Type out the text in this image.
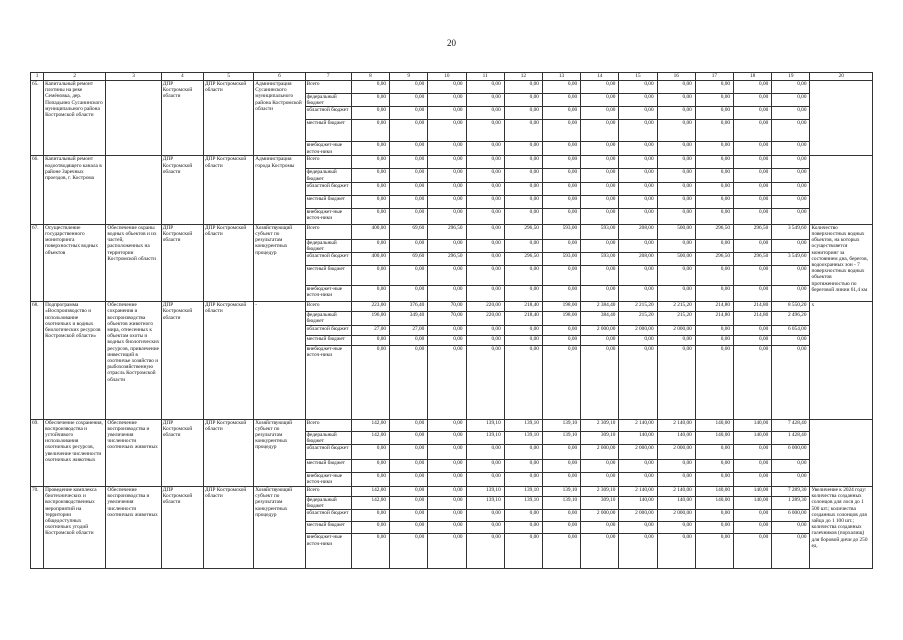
20
1	2	3	4	5	6	7	8	9	10	11	12	13	14	15	16	17	18	19	20
65.	Капитальный ремонт плотины на реке Семёновка, дер. Попадьино Сусанинского муниципального района Костромской области		ДПР Костромской области	ДПР Костромской области	Администрация Сусанинского муниципального района Костромской области	Всего	0,00	0,00	0,00	0,00	0,00	0,00	0,00	0,00	0,00	0,00	0,00	0,00	
						федеральный бюджет	0,00	0,00	0,00	0,00	0,00	0,00	0,00	0,00	0,00	0,00	0,00	0,00	
						областной бюджет	0,00	0,00	0,00	0,00	0,00	0,00	0,00	0,00	0,00	0,00	0,00	0,00	
						местный бюджет	0,00	0,00	0,00	0,00	0,00	0,00	0,00	0,00	0,00	0,00	0,00	0,00	
						внебюджет-ные источ-ники	0,00	0,00	0,00	0,00	0,00	0,00	0,00	0,00	0,00	0,00	0,00	0,00	
66.	Капитальный ремонт водоотводящего канала в районе Заречных проездов, г. Кострома		ДПР Костромской области	ДПР Костромской области	Администрация города Костромы	Всего	0,00	0,00	0,00	0,00	0,00	0,00	0,00	0,00	0,00	0,00	0,00	0,00	
						федеральный бюджет	0,00	0,00	0,00	0,00	0,00	0,00	0,00	0,00	0,00	0,00	0,00	0,00	
						областной бюджет	0,00	0,00	0,00	0,00	0,00	0,00	0,00	0,00	0,00	0,00	0,00	0,00	
						местный бюджет	0,00	0,00	0,00	0,00	0,00	0,00	0,00	0,00	0,00	0,00	0,00	0,00	
						внебюджет-ные источ-ники	0,00	0,00	0,00	0,00	0,00	0,00	0,00	0,00	0,00	0,00	0,00	0,00	
67.	Осуществление государственного мониторинга поверхностных водных объектов	Обеспечение охраны водных объектов и их частей, расположенных на территории Костромской области	ДПР Костромской области	ДПР Костромской области	Хозяйствующий субъект по результатам конкурентных процедур	Всего	400,00	69,60	296,50	0,00	296,50	593,00	593,00	208,00	500,00	296,50	296,50	3 549,60	Количество поверхностных водных объектов, на которых осуществляется мониторинг за состоянием дна, берегов, водоохранных зон - 7 поверхностных водных объектов протяженностью по береговой линии 61,4 км
						федеральный бюджет	0,00	0,00	0,00	0,00	0,00	0,00	0,00	0,00	0,00	0,00	0,00	0,00	
						областной бюджет	400,00	69,60	296,50	0,00	296,50	593,00	593,00	208,00	500,00	296,50	296,50	3 549,60	
						местный бюджет	0,00	0,00	0,00	0,00	0,00	0,00	0,00	0,00	0,00	0,00	0,00	0,00	
						внебюджет-ные источ-ники	0,00	0,00	0,00	0,00	0,00	0,00	0,00	0,00	0,00	0,00	0,00	0,00	
68.	Подпрограмма «Воспроизводство и использование охотничьих и водных биологических ресурсов Костромской области»	Обеспечение сохранения и воспроизводства объектов животного мира, отнесенных к объектам охоты и водных биологических ресурсов, привлечение инвестиций в охотничье хозяйство и рыбохозяйственную отрасль Костромской области	ДПР Костромской области	ДПР Костромской области	-	Всего	223,00	376,40	70,00	220,00	218,40	198,00	2 384,40	2 215,20	2 215,20	214,80	214,80	8 550,20	х
						федеральный бюджет	196,00	349,40	70,00	220,00	218,40	198,00	384,40	215,20	215,20	214,80	214,80	2 496,20	
						областной бюджет	27,00	27,00	0,00	0,00	0,00	0,00	2 000,00	2 000,00	2 000,00	0,00	0,00	6 054,00	
						местный бюджет	0,00	0,00	0,00	0,00	0,00	0,00	0,00	0,00	0,00	0,00	0,00	0,00	
						внебюджет-ные источ-ники	0,00	0,00	0,00	0,00	0,00	0,00	0,00	0,00	0,00	0,00	0,00	0,00	
69.	Обеспечение сохранения, воспроизводства и устойчивого использования охотничьих ресурсов, увеличение численности охотничьих животных	Обеспечение воспроизводства и увеличения численности охотничьих животных	ДПР Костромской области	ДПР Костромской области	Хозяйствующий субъект по результатам конкурентных процедур	Всего	142,00	0,00	0,00	139,10	139,10	139,10	2 309,10	2 140,00	2 140,00	140,00	140,00	7 428,40	
						федеральный бюджет	142,00	0,00	0,00	139,10	139,10	139,10	309,10	140,00	140,00	140,00	140,00	1 428,40	
						областной бюджет	0,00	0,00	0,00	0,00	0,00	0,00	2 000,00	2 000,00	2 000,00	0,00	0,00	6 000,00	
						местный бюджет	0,00	0,00	0,00	0,00	0,00	0,00	0,00	0,00	0,00	0,00	0,00	0,00	
						внебюджет-ные источ-ники	0,00	0,00	0,00	0,00	0,00	0,00	0,00	0,00	0,00	0,00	0,00	0,00	
70.	Проведение комплекса биотехнических и воспроизводственных мероприятий на территории общедоступных охотничьих угодий Костромской области	Обеспечение воспроизводства и увеличения численности охотничьих животных	ДПР Костромской области	ДПР Костромской области	Хозяйствующий субъект по результатам конкурентных процедур	Всего	142,00	0,00	0,00	139,10	139,10	139,10	2 309,10	2 140,00	2 140,00	140,00	140,00	7 289,30	Увеличение к 2024 году: количества созданных солонцов для лося до 1 500 шт.; количества созданных солонцов для зайца до 1 100 шт.; количества созданных галечников (порхалищ) для боровой дичи до 250 ед.
						федеральный бюджет	142,00	0,00	0,00	139,10	139,10	139,10	309,10	140,00	140,00	140,00	140,00	1 289,30	
						областной бюджет	0,00	0,00	0,00	0,00	0,00	0,00	2 000,00	2 000,00	2 000,00	0,00	0,00	6 000,00	
						местный бюджет	0,00	0,00	0,00	0,00	0,00	0,00	0,00	0,00	0,00	0,00	0,00	0,00	
						внебюджет-ные источ-ники	0,00	0,00	0,00	0,00	0,00	0,00	0,00	0,00	0,00	0,00	0,00	0,00	
